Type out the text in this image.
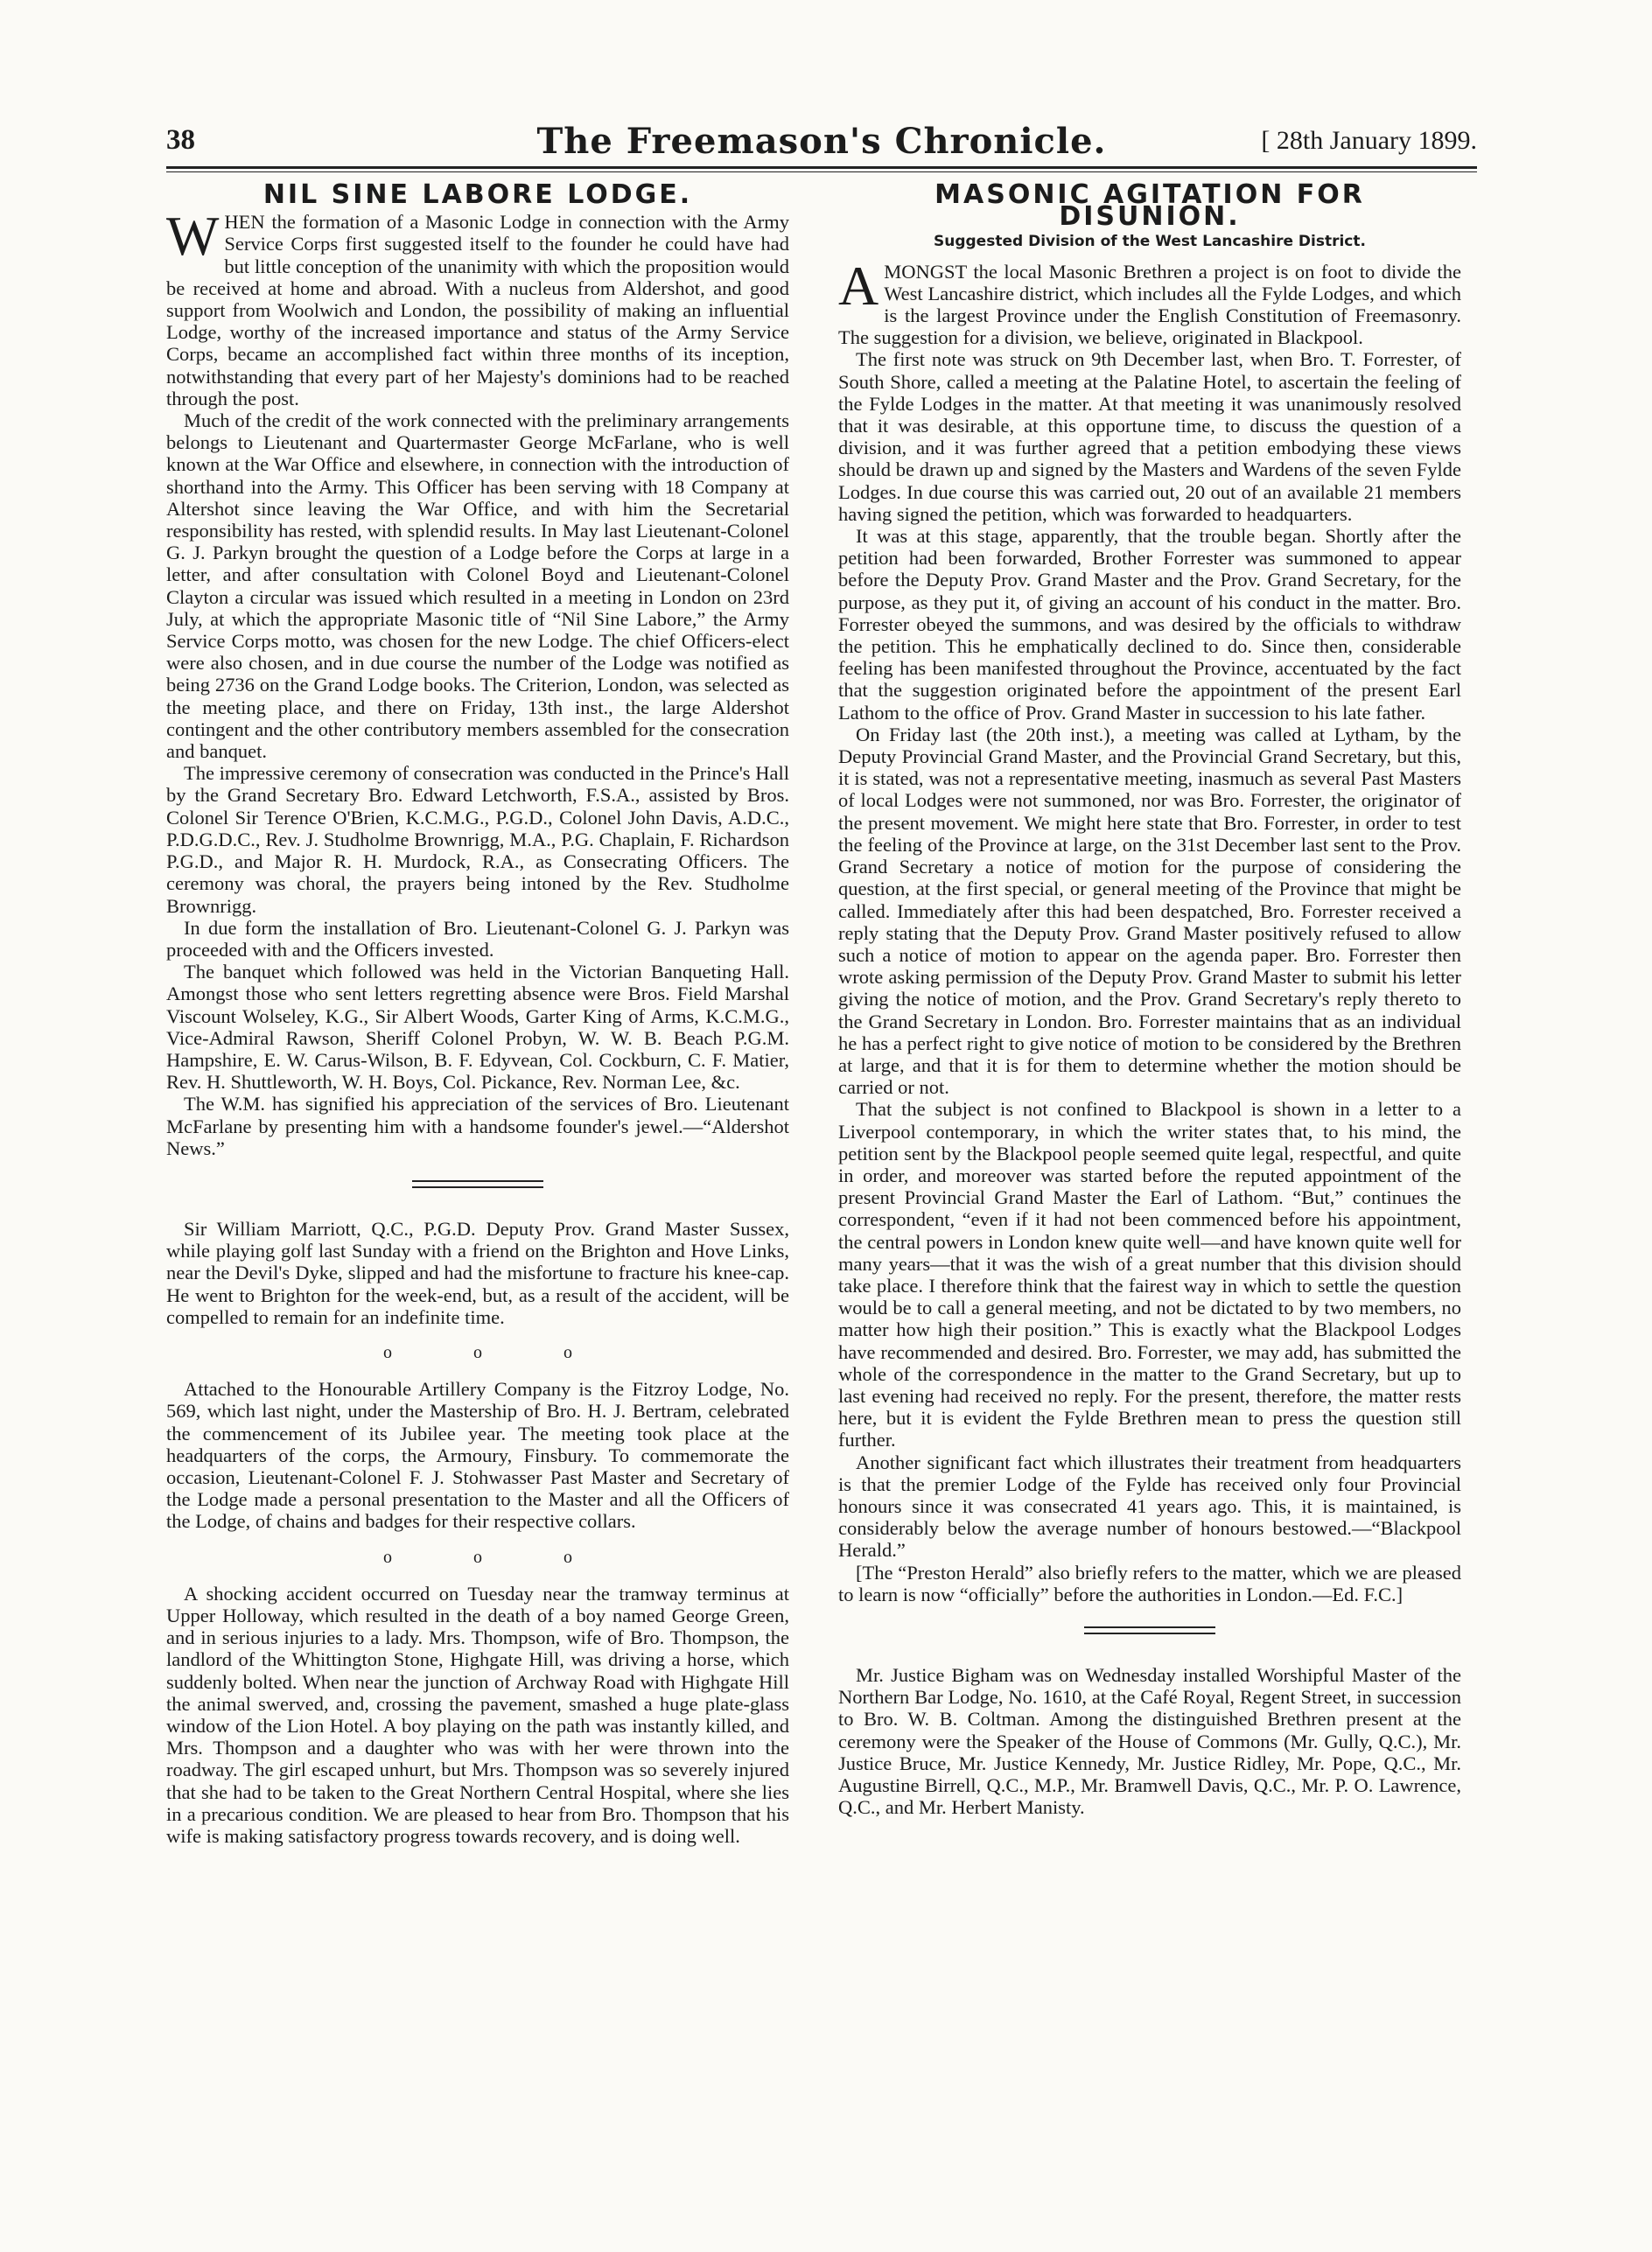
38	The Freemason's Chronicle.	[ 28th January 1899.
NIL SINE LABORE LODGE.

WHEN the formation of a Masonic Lodge in connection with the Army Service Corps first suggested itself to the founder he could have had but little conception of the unanimity with which the proposition would be received at home and abroad. With a nucleus from Aldershot, and good support from Woolwich and London, the possibility of making an influential Lodge, worthy of the increased importance and status of the Army Service Corps, became an accomplished fact within three months of its inception, notwithstanding that every part of her Majesty's dominions had to be reached through the post.

Much of the credit of the work connected with the preliminary arrangements belongs to Lieutenant and Quartermaster George McFarlane, who is well known at the War Office and elsewhere, in connection with the introduction of shorthand into the Army. This Officer has been serving with 18 Company at Altershot since leaving the War Office, and with him the Secretarial responsibility has rested, with splendid results. In May last Lieutenant-Colonel G. J. Parkyn brought the question of a Lodge before the Corps at large in a letter, and after consultation with Colonel Boyd and Lieutenant-Colonel Clayton a circular was issued which resulted in a meeting in London on 23rd July, at which the appropriate Masonic title of “Nil Sine Labore,” the Army Service Corps motto, was chosen for the new Lodge. The chief Officers-elect were also chosen, and in due course the number of the Lodge was notified as being 2736 on the Grand Lodge books. The Criterion, London, was selected as the meeting place, and there on Friday, 13th inst., the large Aldershot contingent and the other contributory members assembled for the consecration and banquet.

The impressive ceremony of consecration was conducted in the Prince's Hall by the Grand Secretary Bro. Edward Letchworth, F.S.A., assisted by Bros. Colonel Sir Terence O'Brien, K.C.M.G., P.G.D., Colonel John Davis, A.D.C., P.D.G.D.C., Rev. J. Studholme Brownrigg, M.A., P.G. Chaplain, F. Richardson P.G.D., and Major R. H. Murdock, R.A., as Consecrating Officers. The ceremony was choral, the prayers being intoned by the Rev. Studholme Brownrigg.

In due form the installation of Bro. Lieutenant-Colonel G. J. Parkyn was proceeded with and the Officers invested.

The banquet which followed was held in the Victorian Banqueting Hall. Amongst those who sent letters regretting absence were Bros. Field Marshal Viscount Wolseley, K.G., Sir Albert Woods, Garter King of Arms, K.C.M.G., Vice-Admiral Rawson, Sheriff Colonel Probyn, W. W. B. Beach P.G.M. Hampshire, E. W. Carus-Wilson, B. F. Edyvean, Col. Cockburn, C. F. Matier, Rev. H. Shuttleworth, W. H. Boys, Col. Pickance, Rev. Norman Lee, &c.

The W.M. has signified his appreciation of the services of Bro. Lieutenant McFarlane by presenting him with a handsome founder's jewel.—“Aldershot News.”

Sir William Marriott, Q.C., P.G.D. Deputy Prov. Grand Master Sussex, while playing golf last Sunday with a friend on the Brighton and Hove Links, near the Devil's Dyke, slipped and had the misfortune to fracture his knee-cap. He went to Brighton for the week-end, but, as a result of the accident, will be compelled to remain for an indefinite time.

o o o

Attached to the Honourable Artillery Company is the Fitzroy Lodge, No. 569, which last night, under the Mastership of Bro. H. J. Bertram, celebrated the commencement of its Jubilee year. The meeting took place at the headquarters of the corps, the Armoury, Finsbury. To commemorate the occasion, Lieutenant-Colonel F. J. Stohwasser Past Master and Secretary of the Lodge made a personal presentation to the Master and all the Officers of the Lodge, of chains and badges for their respective collars.

o o o

A shocking accident occurred on Tuesday near the tramway terminus at Upper Holloway, which resulted in the death of a boy named George Green, and in serious injuries to a lady. Mrs. Thompson, wife of Bro. Thompson, the landlord of the Whittington Stone, Highgate Hill, was driving a horse, which suddenly bolted. When near the junction of Archway Road with Highgate Hill the animal swerved, and, crossing the pavement, smashed a huge plate-glass window of the Lion Hotel. A boy playing on the path was instantly killed, and Mrs. Thompson and a daughter who was with her were thrown into the roadway. The girl escaped unhurt, but Mrs. Thompson was so severely injured that she had to be taken to the Great Northern Central Hospital, where she lies in a precarious condition. We are pleased to hear from Bro. Thompson that his wife is making satisfactory progress towards recovery, and is doing well.

MASONIC AGITATION FOR DISUNION.
Suggested Division of the West Lancashire District.

AMONGST the local Masonic Brethren a project is on foot to divide the West Lancashire district, which includes all the Fylde Lodges, and which is the largest Province under the English Constitution of Freemasonry. The suggestion for a division, we believe, originated in Blackpool.

The first note was struck on 9th December last, when Bro. T. Forrester, of South Shore, called a meeting at the Palatine Hotel, to ascertain the feeling of the Fylde Lodges in the matter. At that meeting it was unanimously resolved that it was desirable, at this opportune time, to discuss the question of a division, and it was further agreed that a petition embodying these views should be drawn up and signed by the Masters and Wardens of the seven Fylde Lodges. In due course this was carried out, 20 out of an available 21 members having signed the petition, which was forwarded to headquarters.

It was at this stage, apparently, that the trouble began. Shortly after the petition had been forwarded, Brother Forrester was summoned to appear before the Deputy Prov. Grand Master and the Prov. Grand Secretary, for the purpose, as they put it, of giving an account of his conduct in the matter. Bro. Forrester obeyed the summons, and was desired by the officials to withdraw the petition. This he emphatically declined to do. Since then, considerable feeling has been manifested throughout the Province, accentuated by the fact that the suggestion originated before the appointment of the present Earl Lathom to the office of Prov. Grand Master in succession to his late father.

On Friday last (the 20th inst.), a meeting was called at Lytham, by the Deputy Provincial Grand Master, and the Provincial Grand Secretary, but this, it is stated, was not a representative meeting, inasmuch as several Past Masters of local Lodges were not summoned, nor was Bro. Forrester, the originator of the present movement. We might here state that Bro. Forrester, in order to test the feeling of the Province at large, on the 31st December last sent to the Prov. Grand Secretary a notice of motion for the purpose of considering the question, at the first special, or general meeting of the Province that might be called. Immediately after this had been despatched, Bro. Forrester received a reply stating that the Deputy Prov. Grand Master positively refused to allow such a notice of motion to appear on the agenda paper. Bro. Forrester then wrote asking permission of the Deputy Prov. Grand Master to submit his letter giving the notice of motion, and the Prov. Grand Secretary's reply thereto to the Grand Secretary in London. Bro. Forrester maintains that as an individual he has a perfect right to give notice of motion to be considered by the Brethren at large, and that it is for them to determine whether the motion should be carried or not.

That the subject is not confined to Blackpool is shown in a letter to a Liverpool contemporary, in which the writer states that, to his mind, the petition sent by the Blackpool people seemed quite legal, respectful, and quite in order, and moreover was started before the reputed appointment of the present Provincial Grand Master the Earl of Lathom. “But,” continues the correspondent, “even if it had not been commenced before his appointment, the central powers in London knew quite well—and have known quite well for many years—that it was the wish of a great number that this division should take place. I therefore think that the fairest way in which to settle the question would be to call a general meeting, and not be dictated to by two members, no matter how high their position.” This is exactly what the Blackpool Lodges have recommended and desired. Bro. Forrester, we may add, has submitted the whole of the correspondence in the matter to the Grand Secretary, but up to last evening had received no reply. For the present, therefore, the matter rests here, but it is evident the Fylde Brethren mean to press the question still further.

Another significant fact which illustrates their treatment from headquarters is that the premier Lodge of the Fylde has received only four Provincial honours since it was consecrated 41 years ago. This, it is maintained, is considerably below the average number of honours bestowed.—“Blackpool Herald.”

[The “Preston Herald” also briefly refers to the matter, which we are pleased to learn is now “officially” before the authorities in London.—Ed. F.C.]

Mr. Justice Bigham was on Wednesday installed Worshipful Master of the Northern Bar Lodge, No. 1610, at the Café Royal, Regent Street, in succession to Bro. W. B. Coltman. Among the distinguished Brethren present at the ceremony were the Speaker of the House of Commons (Mr. Gully, Q.C.), Mr. Justice Bruce, Mr. Justice Kennedy, Mr. Justice Ridley, Mr. Pope, Q.C., Mr. Augustine Birrell, Q.C., M.P., Mr. Bramwell Davis, Q.C., Mr. P. O. Lawrence, Q.C., and Mr. Herbert Manisty.
